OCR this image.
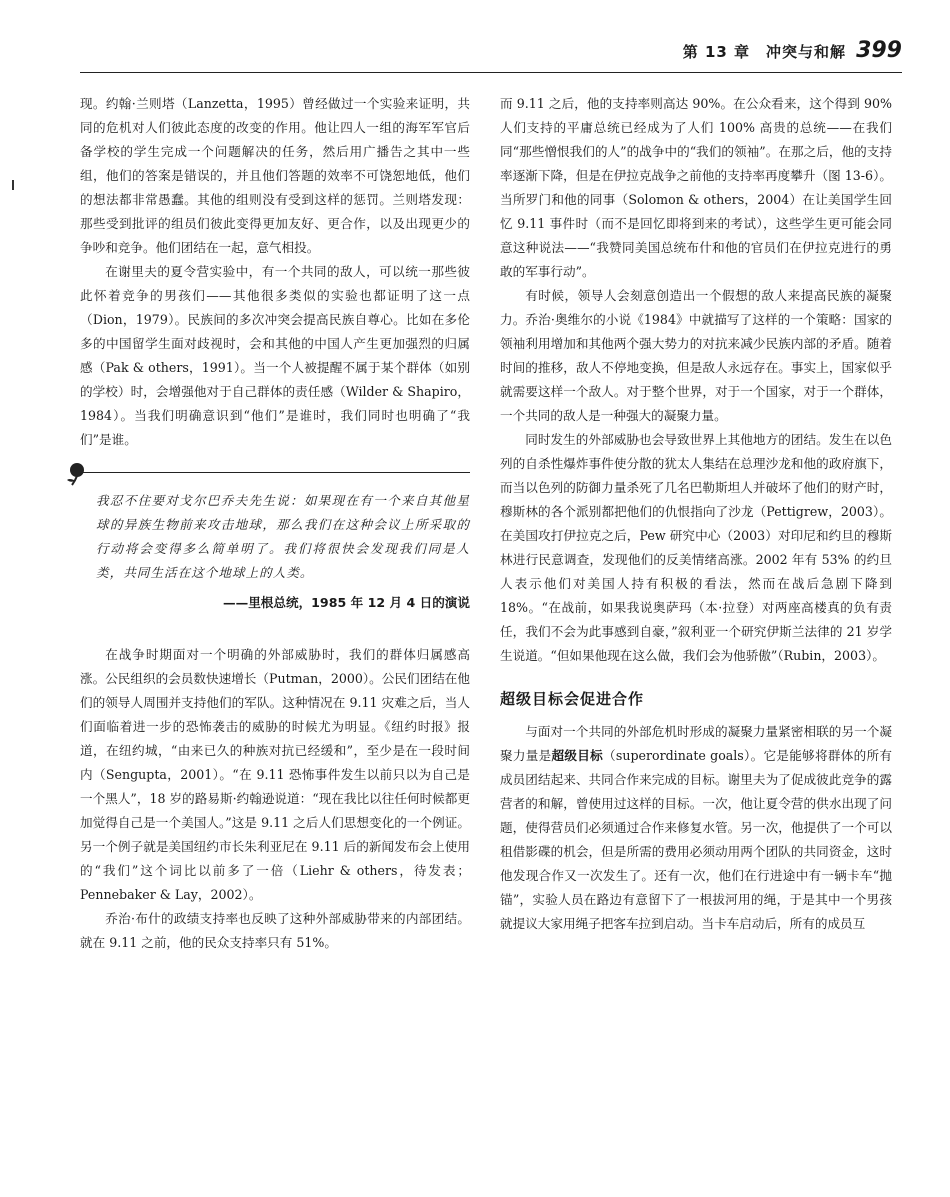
第 13 章　冲突与和解 399

现。约翰·兰则塔（Lanzetta，1995）曾经做过一个实验来证明，共同的危机对人们彼此态度的改变的作用。他让四人一组的海军军官后备学校的学生完成一个问题解决的任务，然后用广播告之其中一些组，他们的答案是错误的，并且他们答题的效率不可饶恕地低，他们的想法都非常愚蠢。其他的组则没有受到这样的惩罚。兰则塔发现：那些受到批评的组员们彼此变得更加友好、更合作，以及出现更少的争吵和竞争。他们团结在一起，意气相投。

在谢里夫的夏令营实验中，有一个共同的敌人，可以统一那些彼此怀着竞争的男孩们——其他很多类似的实验也都证明了这一点（Dion，1979）。民族间的多次冲突会提高民族自尊心。比如在多伦多的中国留学生面对歧视时，会和其他的中国人产生更加强烈的归属感（Pak & others，1991）。当一个人被提醒不属于某个群体（如别的学校）时，会增强他对于自己群体的责任感（Wilder & Shapiro，1984）。当我们明确意识到“他们”是谁时，我们同时也明确了“我们”是谁。

我忍不住要对戈尔巴乔夫先生说：如果现在有一个来自其他星球的异族生物前来攻击地球，那么我们在这种会议上所采取的行动将会变得多么简单明了。我们将很快会发现我们同是人类，共同生活在这个地球上的人类。
——里根总统，1985 年 12 月 4 日的演说

在战争时期面对一个明确的外部威胁时，我们的群体归属感高涨。公民组织的会员数快速增长（Putman，2000）。公民们团结在他们的领导人周围并支持他们的军队。这种情况在 9.11 灾难之后，当人们面临着进一步的恐怖袭击的威胁的时候尤为明显。《纽约时报》报道，在纽约城，“由来已久的种族对抗已经缓和”，至少是在一段时间内（Sengupta，2001）。“在 9.11 恐怖事件发生以前只以为自己是一个黑人”，18 岁的路易斯·约翰逊说道：“现在我比以往任何时候都更加觉得自己是一个美国人。”这是 9.11 之后人们思想变化的一个例证。另一个例子就是美国纽约市长朱利亚尼在 9.11 后的新闻发布会上使用的“我们”这个词比以前多了一倍（Liehr & others，待发表；Pennebaker & Lay，2002）。

乔治·布什的政绩支持率也反映了这种外部威胁带来的内部团结。就在 9.11 之前，他的民众支持率只有 51%。

而 9.11 之后，他的支持率则高达 90%。在公众看来，这个得到 90% 人们支持的平庸总统已经成为了人们 100% 高贵的总统——在我们同“那些憎恨我们的人”的战争中的“我们的领袖”。在那之后，他的支持率逐渐下降，但是在伊拉克战争之前他的支持率再度攀升（图 13-6）。当所罗门和他的同事（Solomon & others，2004）在让美国学生回忆 9.11 事件时（而不是回忆即将到来的考试），这些学生更可能会同意这种说法——“我赞同美国总统布什和他的官员们在伊拉克进行的勇敢的军事行动”。

有时候，领导人会刻意创造出一个假想的敌人来提高民族的凝聚力。乔治·奥维尔的小说《1984》中就描写了这样的一个策略：国家的领袖利用增加和其他两个强大势力的对抗来减少民族内部的矛盾。随着时间的推移，敌人不停地变换，但是敌人永远存在。事实上，国家似乎就需要这样一个敌人。对于整个世界，对于一个国家，对于一个群体，一个共同的敌人是一种强大的凝聚力量。

同时发生的外部威胁也会导致世界上其他地方的团结。发生在以色列的自杀性爆炸事件使分散的犹太人集结在总理沙龙和他的政府旗下，而当以色列的防御力量杀死了几名巴勒斯坦人并破坏了他们的财产时，穆斯林的各个派别都把他们的仇恨指向了沙龙（Pettigrew，2003）。在美国攻打伊拉克之后，Pew 研究中心（2003）对印尼和约旦的穆斯林进行民意调查，发现他们的反美情绪高涨。2002 年有 53% 的约旦人表示他们对美国人持有积极的看法，然而在战后急剧下降到 18%。“在战前，如果我说奥萨玛（本·拉登）对两座高楼真的负有责任，我们不会为此事感到自豪，”叙利亚一个研究伊斯兰法律的 21 岁学生说道。“但如果他现在这么做，我们会为他骄傲”（Rubin，2003）。

超级目标会促进合作

与面对一个共同的外部危机时形成的凝聚力量紧密相联的另一个凝聚力量是超级目标（superordinate goals）。它是能够将群体的所有成员团结起来、共同合作来完成的目标。谢里夫为了促成彼此竞争的露营者的和解，曾使用过这样的目标。一次，他让夏令营的供水出现了问题，使得营员们必须通过合作来修复水管。另一次，他提供了一个可以租借影碟的机会，但是所需的费用必须动用两个团队的共同资金，这时他发现合作又一次发生了。还有一次，他们在行进途中有一辆卡车“抛锚”，实验人员在路边有意留下了一根拔河用的绳，于是其中一个男孩就提议大家用绳子把客车拉到启动。当卡车启动后，所有的成员互
